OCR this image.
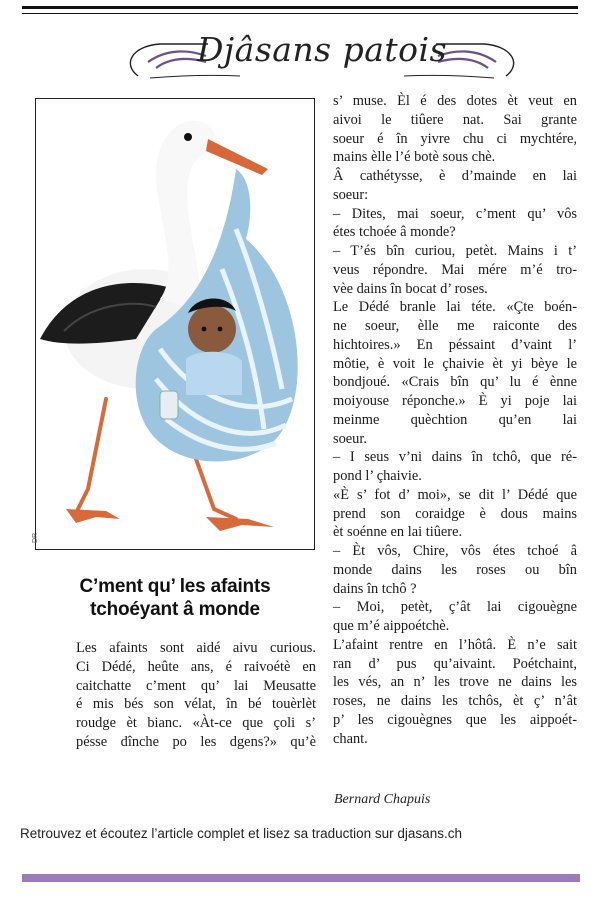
Djâsans patois
DR
C’ment qu’ les afaints
tchoéyant â monde
Les afaints sont aidé aivu curious.
Ci Dédé, heûte ans, é raivoétè en
caitchatte c’ment qu’ lai Meusatte
é mis bés son vélat, în bé touèrlèt
roudge èt bianc. «Àt-ce que çoli s’
pésse dînche po les dgens?» qu’è
s’ muse. Èl é des dotes èt veut en
aivoi le tiûere nat. Sai grante
soeur é în yivre chu ci mychtére,
mains èlle l’é botè sous chè.
Â cathétysse, è d’mainde en lai
soeur:
– Dites, mai soeur, c’ment qu’ vôs
étes tchoée â monde?
– T’és bîn curiou, petèt. Mains i t’
veus répondre. Mai mére m’é tro-
vèe dains în bocat d’ roses.
Le Dédé branle lai téte. «Çte boén-
ne soeur, èlle me raiconte des
hichtoires.» En péssaint d’vaint l’
môtie, è voit le çhaivie èt yi bèye le
bondjoué. «Crais bîn qu’ lu é ènne
moiyouse réponche.» È yi poje lai
meinme quèchtion qu’en lai
soeur.
– I seus v’ni dains în tchô, que ré-
pond l’ çhaivie.
«È s’ fot d’ moi», se dit l’ Dédé que
prend son coraidge è dous mains
èt soénne en lai tiûere.
– Èt vôs, Chire, vôs étes tchoé â
monde dains les roses ou bîn
dains în tchô ?
– Moi, petèt, ç’ât lai cigouègne
que m’é aippoétchè.
L’afaint rentre en l’hôtâ. È n’e sait
ran d’ pus qu’aivaint. Poétchaint,
les vés, an n’ les trove ne dains les
roses, ne dains les tchôs, èt ç’ n’ât
p’ les cigouègnes que les aippoét-
chant.
Bernard Chapuis
Retrouvez et écoutez l’article complet et lisez sa traduction sur djasans.ch
